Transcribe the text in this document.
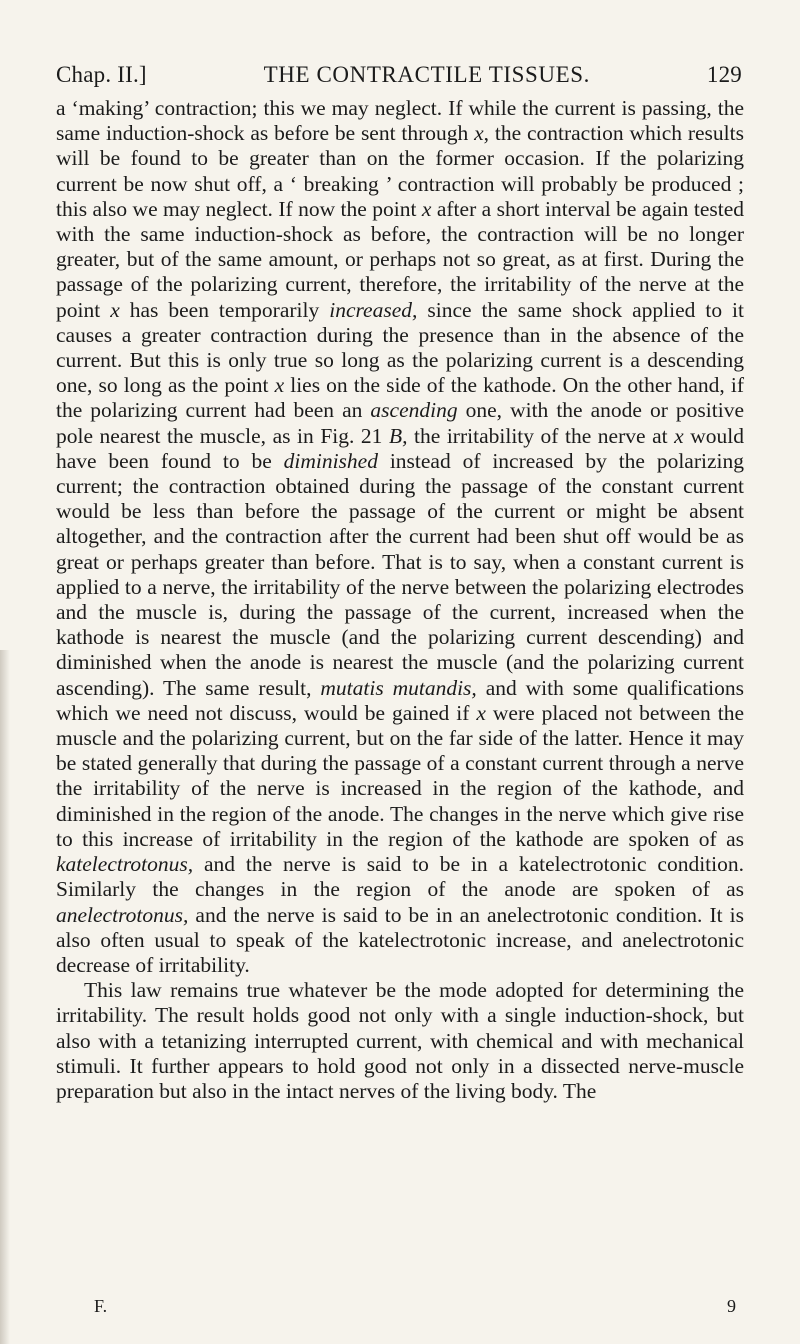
Chap. II.]	THE CONTRACTILE TISSUES.	129

a ‘making’ contraction; this we may neglect. If while the current is passing, the same induction-shock as before be sent through x, the contraction which results will be found to be greater than on the former occasion. If the polarizing current be now shut off, a ‘ breaking ’ contraction will probably be produced ; this also we may neglect. If now the point x after a short interval be again tested with the same induction-shock as before, the contraction will be no longer greater, but of the same amount, or perhaps not so great, as at first. During the passage of the polarizing current, therefore, the irritability of the nerve at the point x has been temporarily increased, since the same shock applied to it causes a greater contraction during the presence than in the absence of the current. But this is only true so long as the polarizing current is a descending one, so long as the point x lies on the side of the kathode. On the other hand, if the polarizing current had been an ascending one, with the anode or positive pole nearest the muscle, as in Fig. 21 B, the irritability of the nerve at x would have been found to be diminished instead of increased by the polarizing current; the contraction obtained during the passage of the constant current would be less than before the passage of the current or might be absent altogether, and the contraction after the current had been shut off would be as great or perhaps greater than before. That is to say, when a constant current is applied to a nerve, the irritability of the nerve between the polarizing electrodes and the muscle is, during the passage of the current, increased when the kathode is nearest the muscle (and the polarizing current descending) and diminished when the anode is nearest the muscle (and the polarizing current ascending). The same result, mutatis mutandis, and with some qualifications which we need not discuss, would be gained if x were placed not between the muscle and the polarizing current, but on the far side of the latter. Hence it may be stated generally that during the passage of a constant current through a nerve the irritability of the nerve is increased in the region of the kathode, and diminished in the region of the anode. The changes in the nerve which give rise to this increase of irritability in the region of the kathode are spoken of as katelectrotonus, and the nerve is said to be in a katelectrotonic condition. Similarly the changes in the region of the anode are spoken of as anelectrotonus, and the nerve is said to be in an anelectrotonic condition. It is also often usual to speak of the katelectrotonic increase, and anelectrotonic decrease of irritability.

This law remains true whatever be the mode adopted for determining the irritability. The result holds good not only with a single induction-shock, but also with a tetanizing interrupted current, with chemical and with mechanical stimuli. It further appears to hold good not only in a dissected nerve-muscle preparation but also in the intact nerves of the living body. The

F.	9
